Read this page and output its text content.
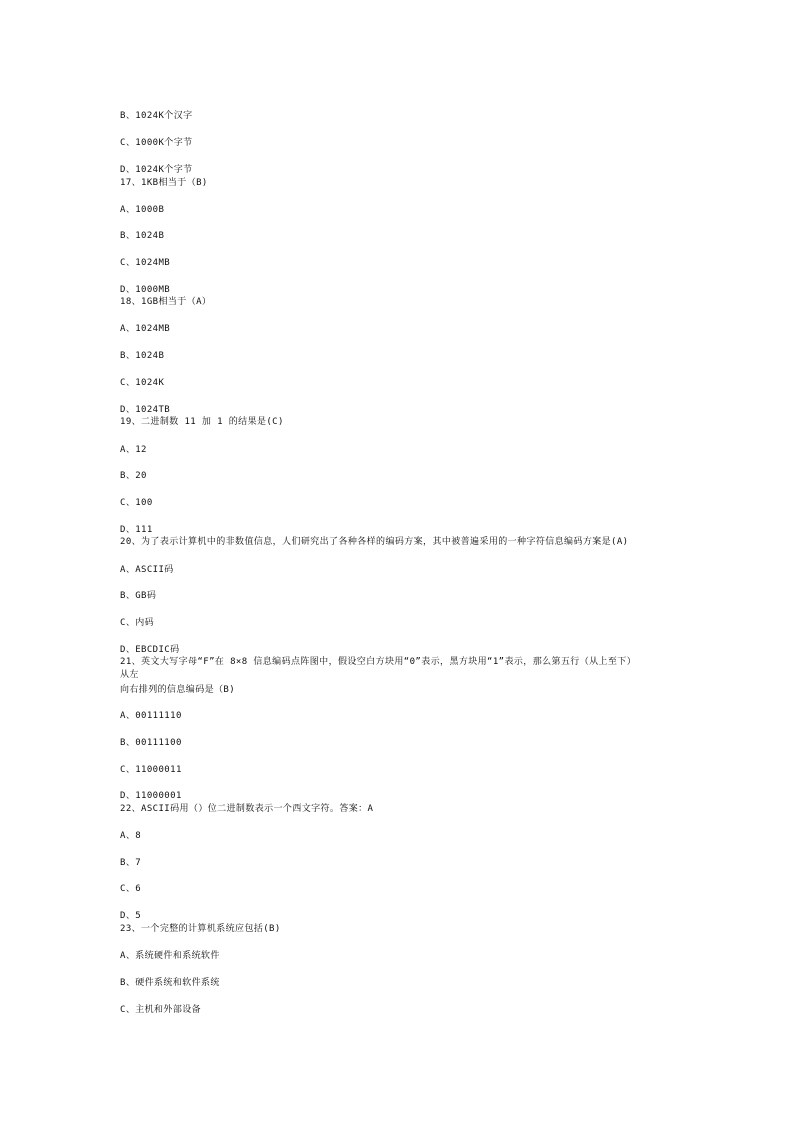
B、1024K个汉字
C、1000K个字节
D、1024K个字节
17、1KB相当于（B)
A、1000B
B、1024B
C、1024MB
D、1000MB
18、1GB相当于（A）
A、1024MB
B、1024B
C、1024K
D、1024TB
19、二进制数 11 加 1 的结果是(C)
A、12
B、20
C、100
D、111
20、为了表示计算机中的非数值信息，人们研究出了各种各样的编码方案，其中被普遍采用的一种字符信息编码方案是(A)
A、ASCII码
B、GB码
C、内码
D、EBCDIC码
21、英文大写字母“F”在 8×8 信息编码点阵图中，假设空白方块用“0”表示，黑方块用“1”表示，那么第五行（从上至下）
从左
向右排列的信息编码是（B)
A、00111110
B、00111100
C、11000011
D、11000001
22、ASCII码用（）位二进制数表示一个西文字符。答案：A
A、8
B、7
C、6
D、5
23、一个完整的计算机系统应包括(B)
A、系统硬件和系统软件
B、硬件系统和软件系统
C、主机和外部设备
